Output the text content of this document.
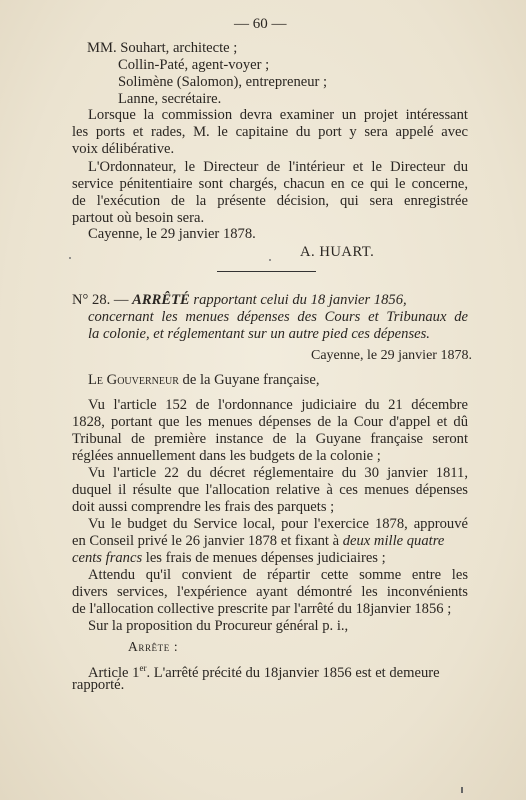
— 60 —
MM. Souhart, architecte ;
Collin-Paté, agent-voyer ;
Solimène (Salomon), entrepreneur ;
Lanne, secrétaire.
Lorsque la commission devra examiner un projet intéressant
les ports et rades, M. le capitaine du port y sera appelé avec
voix délibérative.
L'Ordonnateur, le Directeur de l'intérieur et le Directeur du
service pénitentiaire sont chargés, chacun en ce qui le concerne,
de l'exécution de la présente décision, qui sera enregistrée
partout où besoin sera.
Cayenne, le 29 janvier 1878.
A. HUART.
N° 28. — ARRÊTÉ rapportant celui du 18 janvier 1856,
concernant les menues dépenses des Cours et Tribunaux de
la colonie, et réglementant sur un autre pied ces dépenses.
Cayenne, le 29 janvier 1878.
Le Gouverneur de la Guyane française,
Vu l'article 152 de l'ordonnance judiciaire du 21 décembre
1828, portant que les menues dépenses de la Cour d'appel et dû
Tribunal de première instance de la Guyane française seront
réglées annuellement dans les budgets de la colonie ;
Vu l'article 22 du décret réglementaire du 30 janvier 1811,
duquel il résulte que l'allocation relative à ces menues dépenses
doit aussi comprendre les frais des parquets ;
Vu le budget du Service local, pour l'exercice 1878, approuvé
en Conseil privé le 26 janvier 1878 et fixant à deux mille quatre
cents francs les frais de menues dépenses judiciaires ;
Attendu qu'il convient de répartir cette somme entre les
divers services, l'expérience ayant démontré les inconvénients
de l'allocation collective prescrite par l'arrêté du 18janvier 1856 ;
Sur la proposition du Procureur général p. i.,
Arrête :
Article 1er. L'arrêté précité du 18janvier 1856 est et demeure
rapporté.
